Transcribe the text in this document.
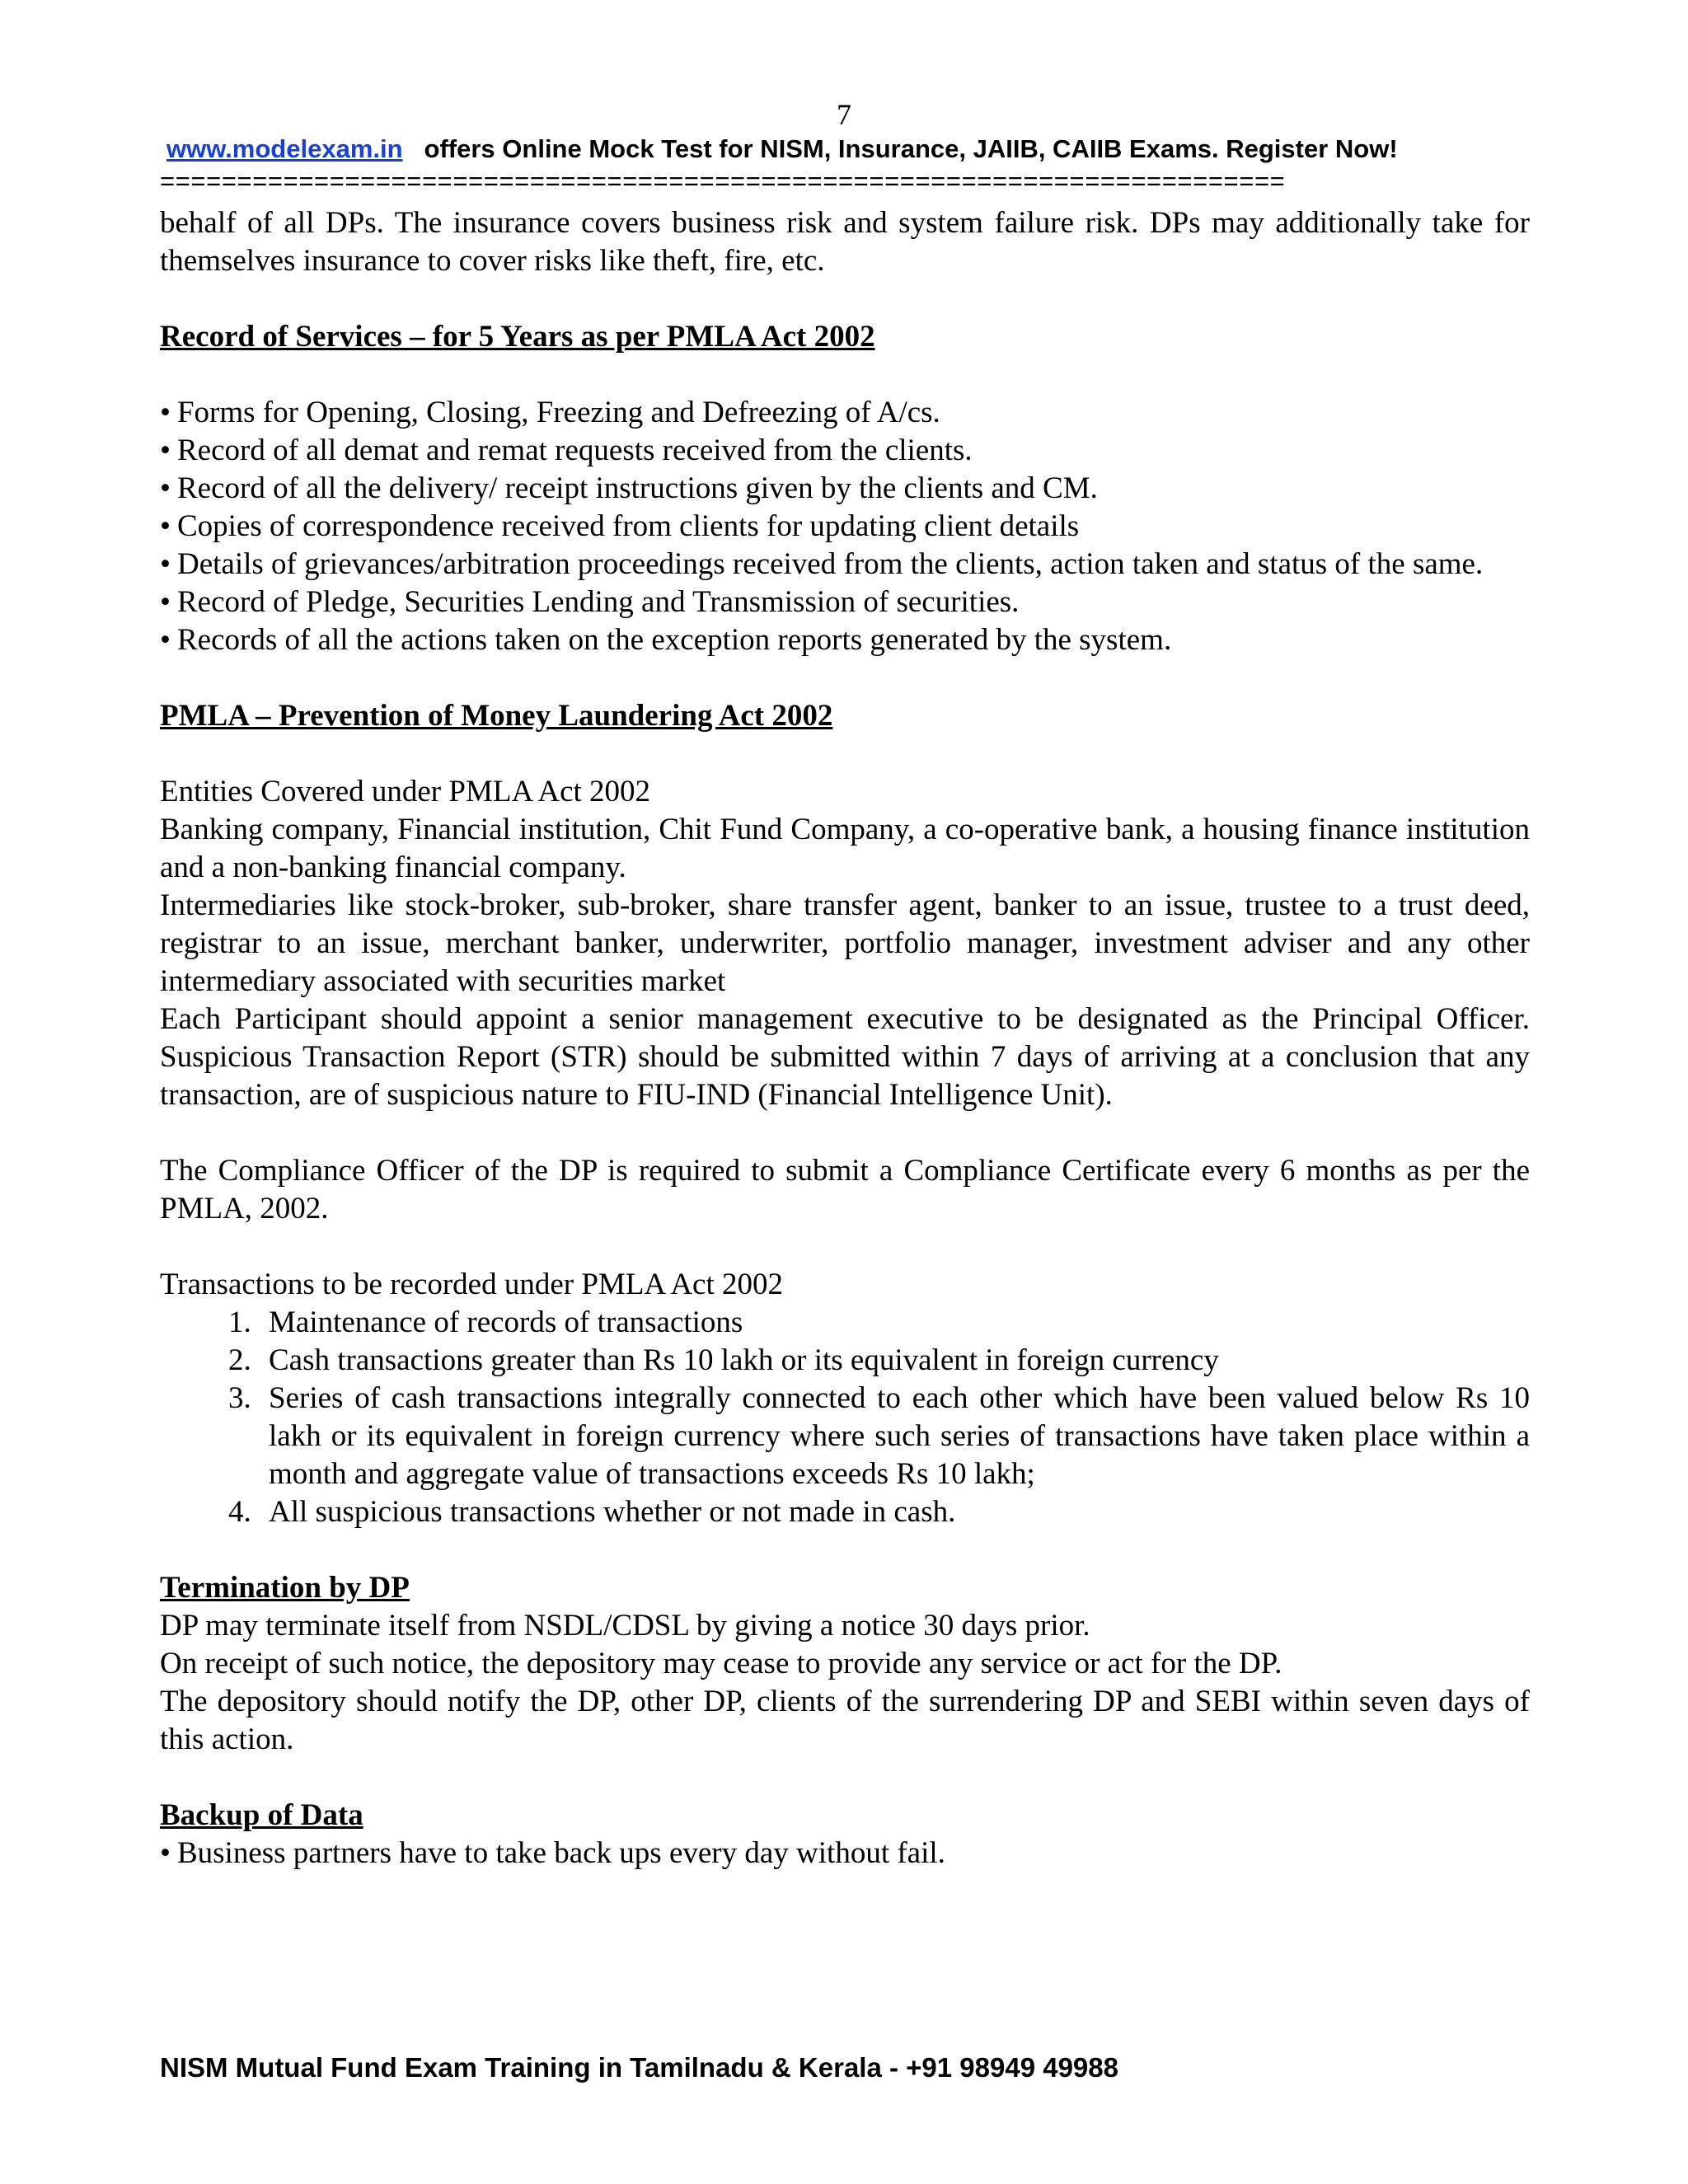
7
www.modelexam.in offers Online Mock Test for NISM, Insurance, JAIIB, CAIIB Exams. Register Now!
=========================================================================

behalf of all DPs. The insurance covers business risk and system failure risk. DPs may additionally take for themselves insurance to cover risks like theft, fire, etc.

Record of Services – for 5 Years as per PMLA Act 2002

• Forms for Opening, Closing, Freezing and Defreezing of A/cs.
• Record of all demat and remat requests received from the clients.
• Record of all the delivery/ receipt instructions given by the clients and CM.
• Copies of correspondence received from clients for updating client details
• Details of grievances/arbitration proceedings received from the clients, action taken and status of the same.
• Record of Pledge, Securities Lending and Transmission of securities.
• Records of all the actions taken on the exception reports generated by the system.

PMLA – Prevention of Money Laundering Act 2002

Entities Covered under PMLA Act 2002

Banking company, Financial institution, Chit Fund Company, a co-operative bank, a housing finance institution and a non-banking financial company.

Intermediaries like stock-broker, sub-broker, share transfer agent, banker to an issue, trustee to a trust deed, registrar to an issue, merchant banker, underwriter, portfolio manager, investment adviser and any other intermediary associated with securities market

Each Participant should appoint a senior management executive to be designated as the Principal Officer. Suspicious Transaction Report (STR) should be submitted within 7 days of arriving at a conclusion that any transaction, are of suspicious nature to FIU-IND (Financial Intelligence Unit).

The Compliance Officer of the DP is required to submit a Compliance Certificate every 6 months as per the PMLA, 2002.

Transactions to be recorded under PMLA Act 2002

1. Maintenance of records of transactions
2. Cash transactions greater than Rs 10 lakh or its equivalent in foreign currency
3. Series of cash transactions integrally connected to each other which have been valued below Rs 10 lakh or its equivalent in foreign currency where such series of transactions have taken place within a month and aggregate value of transactions exceeds Rs 10 lakh;
4. All suspicious transactions whether or not made in cash.

Termination by DP

DP may terminate itself from NSDL/CDSL by giving a notice 30 days prior.

On receipt of such notice, the depository may cease to provide any service or act for the DP.

The depository should notify the DP, other DP, clients of the surrendering DP and SEBI within seven days of this action.

Backup of Data

• Business partners have to take back ups every day without fail.
NISM Mutual Fund Exam Training in Tamilnadu & Kerala - +91 98949 49988
